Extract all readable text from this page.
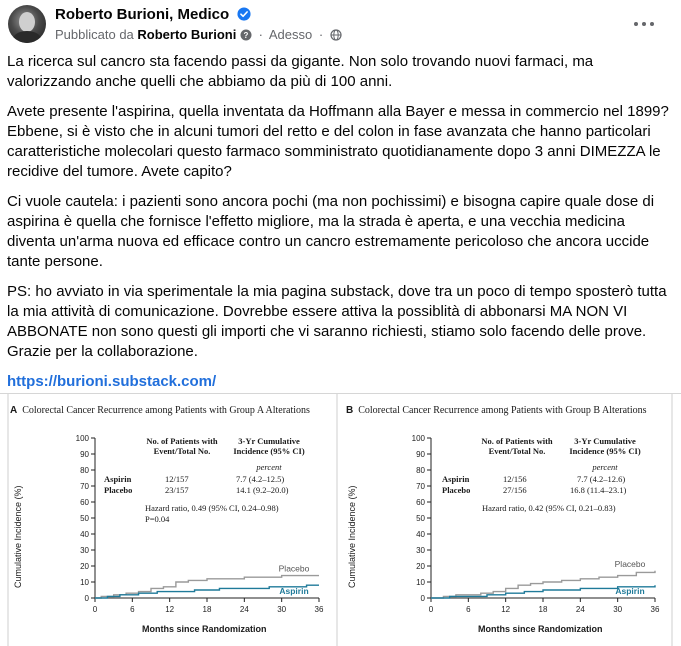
Roberto Burioni, Medico
Pubblicato da Roberto Burioni ? · Adesso ·

La ricerca sul cancro sta facendo passi da gigante. Non solo trovando nuovi farmaci, ma valorizzando anche quelli che abbiamo da più di 100 anni.

Avete presente l'aspirina, quella inventata da Hoffmann alla Bayer e messa in commercio nel 1899? Ebbene, si è visto che in alcuni tumori del retto e del colon in fase avanzata che hanno particolari caratteristiche molecolari questo farmaco somministrato quotidianamente dopo 3 anni DIMEZZA le recidive del tumore. Avete capito?

Ci vuole cautela: i pazienti sono ancora pochi (ma non pochissimi) e bisogna capire quale dose di aspirina è quella che fornisce l'effetto migliore, ma la strada è aperta, e una vecchia medicina diventa un'arma nuova ed efficace contro un cancro estremamente pericoloso che ancora uccide tante persone.

PS: ho avviato in via sperimentale la mia pagina substack, dove tra un poco di tempo sposterò tutta la mia attività di comunicazione. Dovrebbe essere attiva la possiblità di abbonarsi MA NON VI ABBONATE non sono questi gli importi che vi saranno richiesti, stiamo solo facendo delle prove. Grazie per la collaborazione.

https://burioni.substack.com/

0
10
20
30
40
50
60
70
80
90
100
0	6	12	18	24	30	36
Placebo
Aspirin
0
10
20
30
40
50
60
70
80
90
100
0	6	12	18	24	30	36
Placebo
Aspirin
A Colorectal Cancer Recurrence among Patients with Group A Alterations
No. of Patients with Event/Total No.
3-Yr Cumulative Incidence (95% CI)
percent
Aspirin	12/157	7.7 (4.2–12.5)
Placebo	23/157	14.1 (9.2–20.0)
Hazard ratio, 0.49 (95% CI, 0.24–0.98)
P=0.04
Cumulative Incidence (%)
Months since Randomization
B Colorectal Cancer Recurrence among Patients with Group B Alterations
No. of Patients with Event/Total No.
3-Yr Cumulative Incidence (95% CI)
percent
Aspirin	12/156	7.7 (4.2–12.6)
Placebo	27/156	16.8 (11.4–23.1)
Hazard ratio, 0.42 (95% CI, 0.21–0.83)
Cumulative Incidence (%)
Months since Randomization
